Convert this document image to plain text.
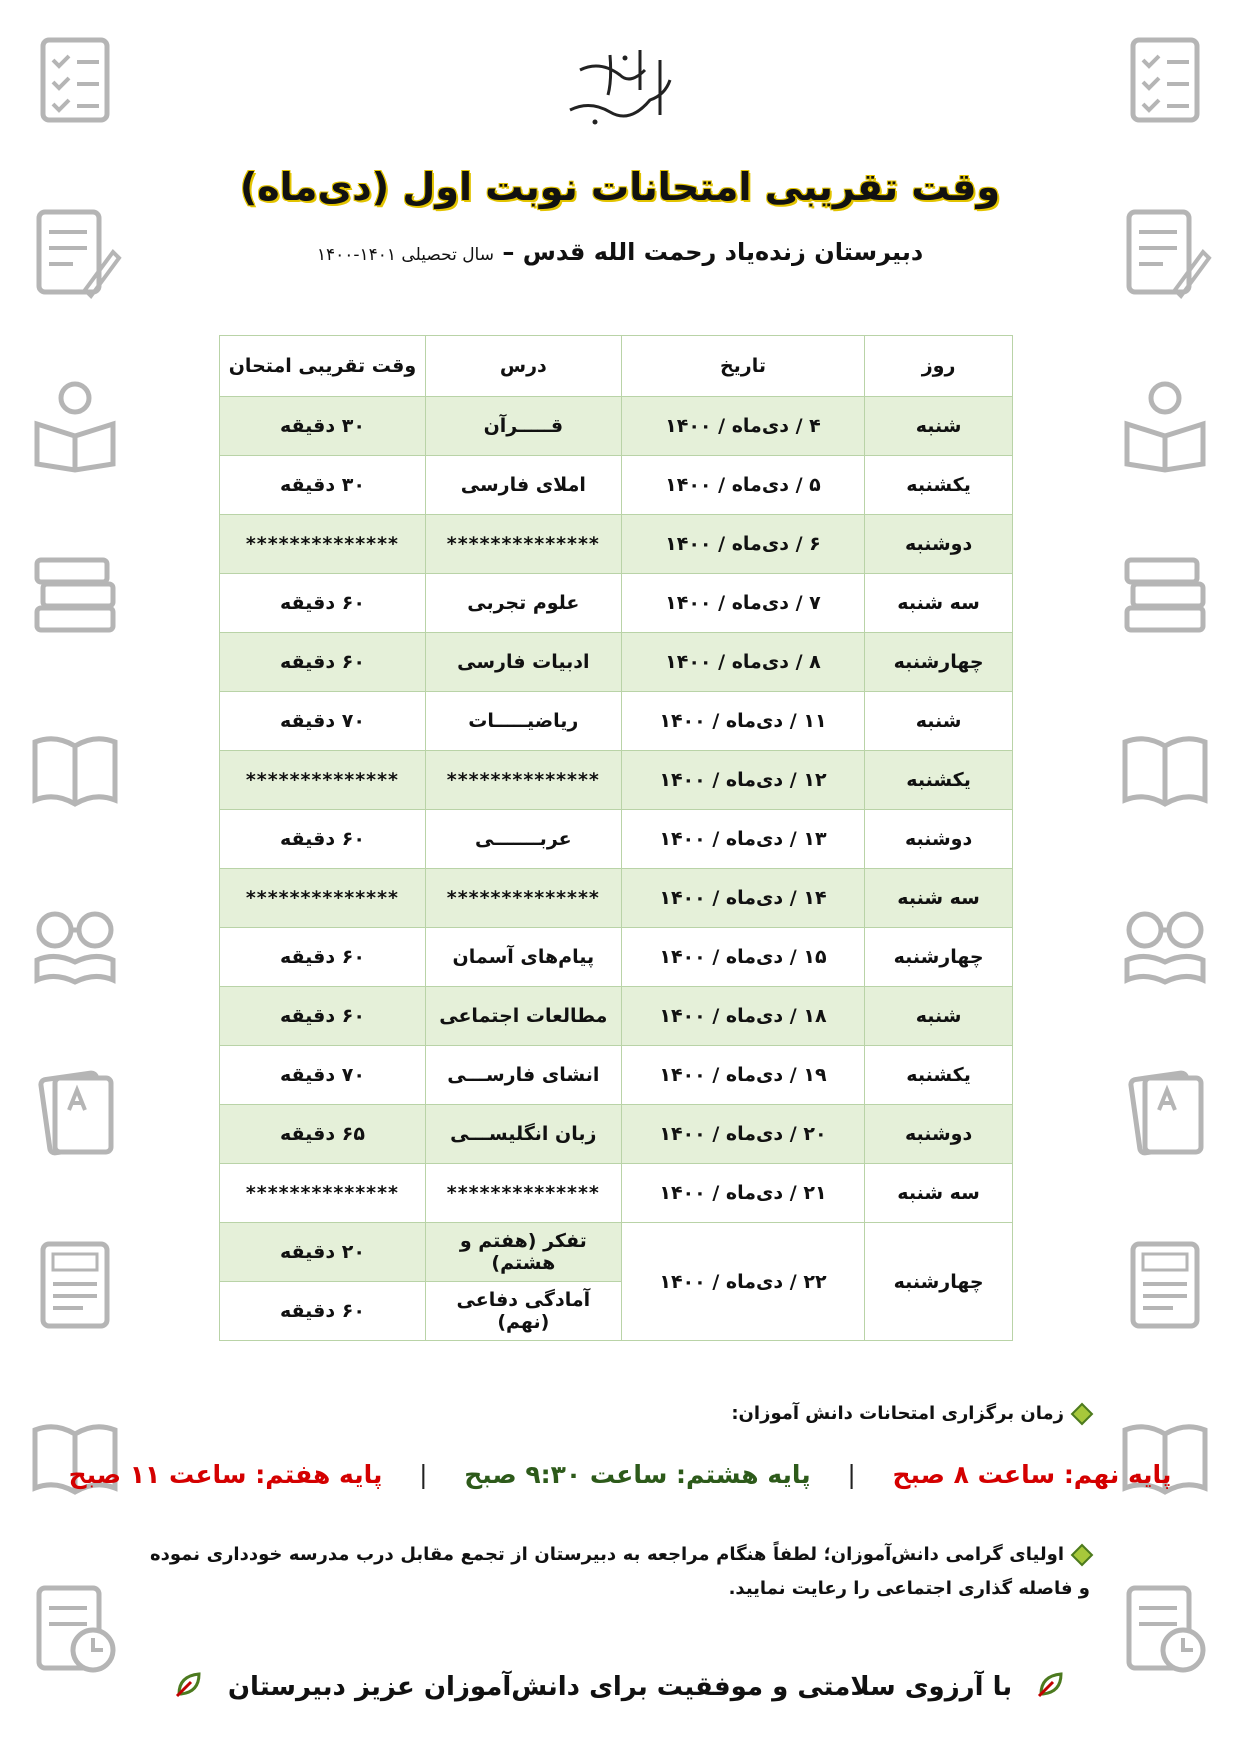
وقت تقریبی امتحانات نوبت اول (دی‌ماه)
دبیرستان زنده‌یاد رحمت الله قدس – سال تحصیلی ۱۴۰۱-۱۴۰۰
روز	تاریخ	درس	وقت تقریبی امتحان
شنبه	۴ / دی‌ماه / ۱۴۰۰	قـــــرآن	۳۰ دقیقه
یکشنبه	۵ / دی‌ماه / ۱۴۰۰	املای فارسی	۳۰ دقیقه
دوشنبه	۶ / دی‌ماه / ۱۴۰۰	**************	**************
سه شنبه	۷ / دی‌ماه / ۱۴۰۰	علوم تجربی	۶۰ دقیقه
چهارشنبه	۸ / دی‌ماه / ۱۴۰۰	ادبیات فارسی	۶۰ دقیقه
شنبه	۱۱ / دی‌ماه / ۱۴۰۰	ریاضیـــــات	۷۰ دقیقه
یکشنبه	۱۲ / دی‌ماه / ۱۴۰۰	**************	**************
دوشنبه	۱۳ / دی‌ماه / ۱۴۰۰	عربـــــــی	۶۰ دقیقه
سه شنبه	۱۴ / دی‌ماه / ۱۴۰۰	**************	**************
چهارشنبه	۱۵ / دی‌ماه / ۱۴۰۰	پیام‌های آسمان	۶۰ دقیقه
شنبه	۱۸ / دی‌ماه / ۱۴۰۰	مطالعات اجتماعی	۶۰ دقیقه
یکشنبه	۱۹ / دی‌ماه / ۱۴۰۰	انشای فارســـی	۷۰ دقیقه
دوشنبه	۲۰ / دی‌ماه / ۱۴۰۰	زبان انگلیســـی	۶۵ دقیقه
سه شنبه	۲۱ / دی‌ماه / ۱۴۰۰	**************	**************
چهارشنبه	۲۲ / دی‌ماه / ۱۴۰۰	تفکر (هفتم و هشتم)	۲۰ دقیقه
		آمادگی دفاعی (نهم)	۶۰ دقیقه
زمان برگزاری امتحانات دانش آموزان:
پایه نهم: ساعت ۸ صبح | پایه هشتم: ساعت ۹:۳۰ صبح | پایه هفتم: ساعت ۱۱ صبح
اولیای گرامی دانش‌آموزان؛ لطفاً هنگام مراجعه به دبیرستان از تجمع مقابل درب مدرسه خودداری نموده و فاصله گذاری اجتماعی را رعایت نمایید.
با آرزوی سلامتی و موفقیت برای دانش‌آموزان عزیز دبیرستان
